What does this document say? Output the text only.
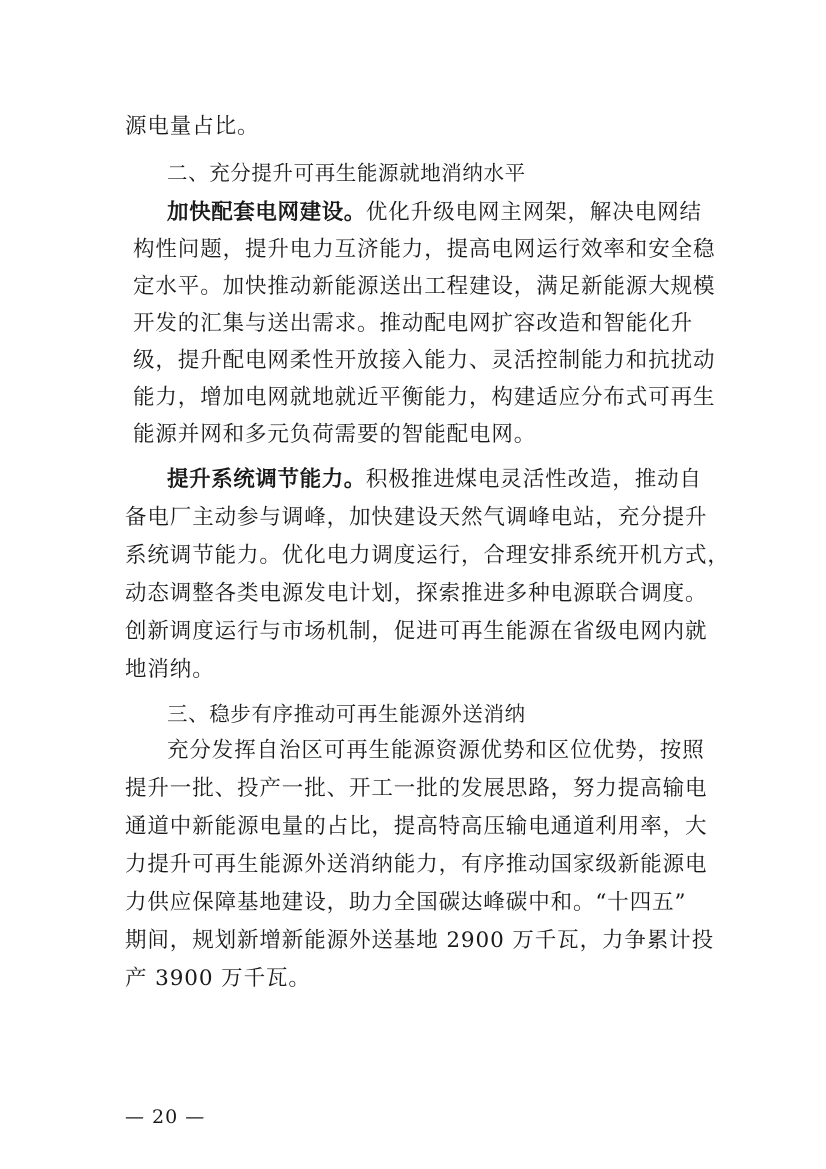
源电量占比。
二、充分提升可再生能源就地消纳水平
加快配套电网建设。优化升级电网主网架，解决电网结
构性问题，提升电力互济能力，提高电网运行效率和安全稳
定水平。加快推动新能源送出工程建设，满足新能源大规模
开发的汇集与送出需求。推动配电网扩容改造和智能化升
级，提升配电网柔性开放接入能力、灵活控制能力和抗扰动
能力，增加电网就地就近平衡能力，构建适应分布式可再生
能源并网和多元负荷需要的智能配电网。
提升系统调节能力。积极推进煤电灵活性改造，推动自
备电厂主动参与调峰，加快建设天然气调峰电站，充分提升
系统调节能力。优化电力调度运行，合理安排系统开机方式，
动态调整各类电源发电计划，探索推进多种电源联合调度。
创新调度运行与市场机制，促进可再生能源在省级电网内就
地消纳。
三、稳步有序推动可再生能源外送消纳
充分发挥自治区可再生能源资源优势和区位优势，按照
提升一批、投产一批、开工一批的发展思路，努力提高输电
通道中新能源电量的占比，提高特高压输电通道利用率，大
力提升可再生能源外送消纳能力，有序推动国家级新能源电
力供应保障基地建设，助力全国碳达峰碳中和。“十四五”
期间，规划新增新能源外送基地 2900 万千瓦，力争累计投
产 3900 万千瓦。
— 20 —
